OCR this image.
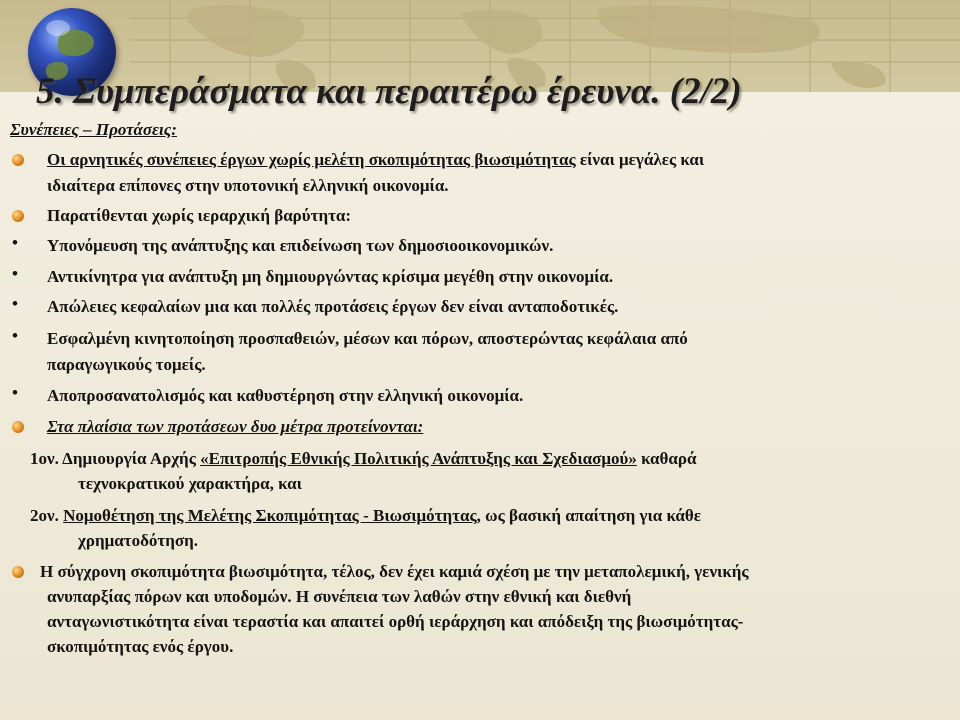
5. Συμπεράσματα και περαιτέρω έρευνα. (2/2)
Συνέπειες – Προτάσεις:
Οι αρνητικές συνέπειες έργων χωρίς μελέτη σκοπιμότητας βιωσιμότητας είναι μεγάλες και
ιδιαίτερα επίπονες στην υποτονική ελληνική οικονομία.
Παρατίθενται χωρίς ιεραρχική βαρύτητα:
• Υπονόμευση της ανάπτυξης και επιδείνωση των δημοσιοοικονομικών.
• Αντικίνητρα για ανάπτυξη μη δημιουργώντας κρίσιμα μεγέθη στην οικονομία.
• Απώλειες κεφαλαίων μια και πολλές προτάσεις έργων δεν είναι ανταποδοτικές.
• Εσφαλμένη κινητοποίηση προσπαθειών, μέσων και πόρων, αποστερώντας κεφάλαια από
παραγωγικούς τομείς.
• Αποπροσανατολισμός και καθυστέρηση στην ελληνική οικονομία.
Στα πλαίσια των προτάσεων δυο μέτρα προτείνονται:
1ον. Δημιουργία Αρχής «Επιτροπής Εθνικής Πολιτικής Ανάπτυξης και Σχεδιασμού» καθαρά
τεχνοκρατικού χαρακτήρα, και
2ον. Νομοθέτηση της Μελέτης Σκοπιμότητας - Βιωσιμότητας, ως βασική απαίτηση για κάθε
χρηματοδότηση.
Η σύγχρονη σκοπιμότητα βιωσιμότητα, τέλος, δεν έχει καμιά σχέση με την μεταπολεμική, γενικής
ανυπαρξίας πόρων και υποδομών. Η συνέπεια των λαθών στην εθνική και διεθνή
ανταγωνιστικότητα είναι τεραστία και απαιτεί ορθή ιεράρχηση και απόδειξη της βιωσιμότητας-
σκοπιμότητας ενός έργου.
